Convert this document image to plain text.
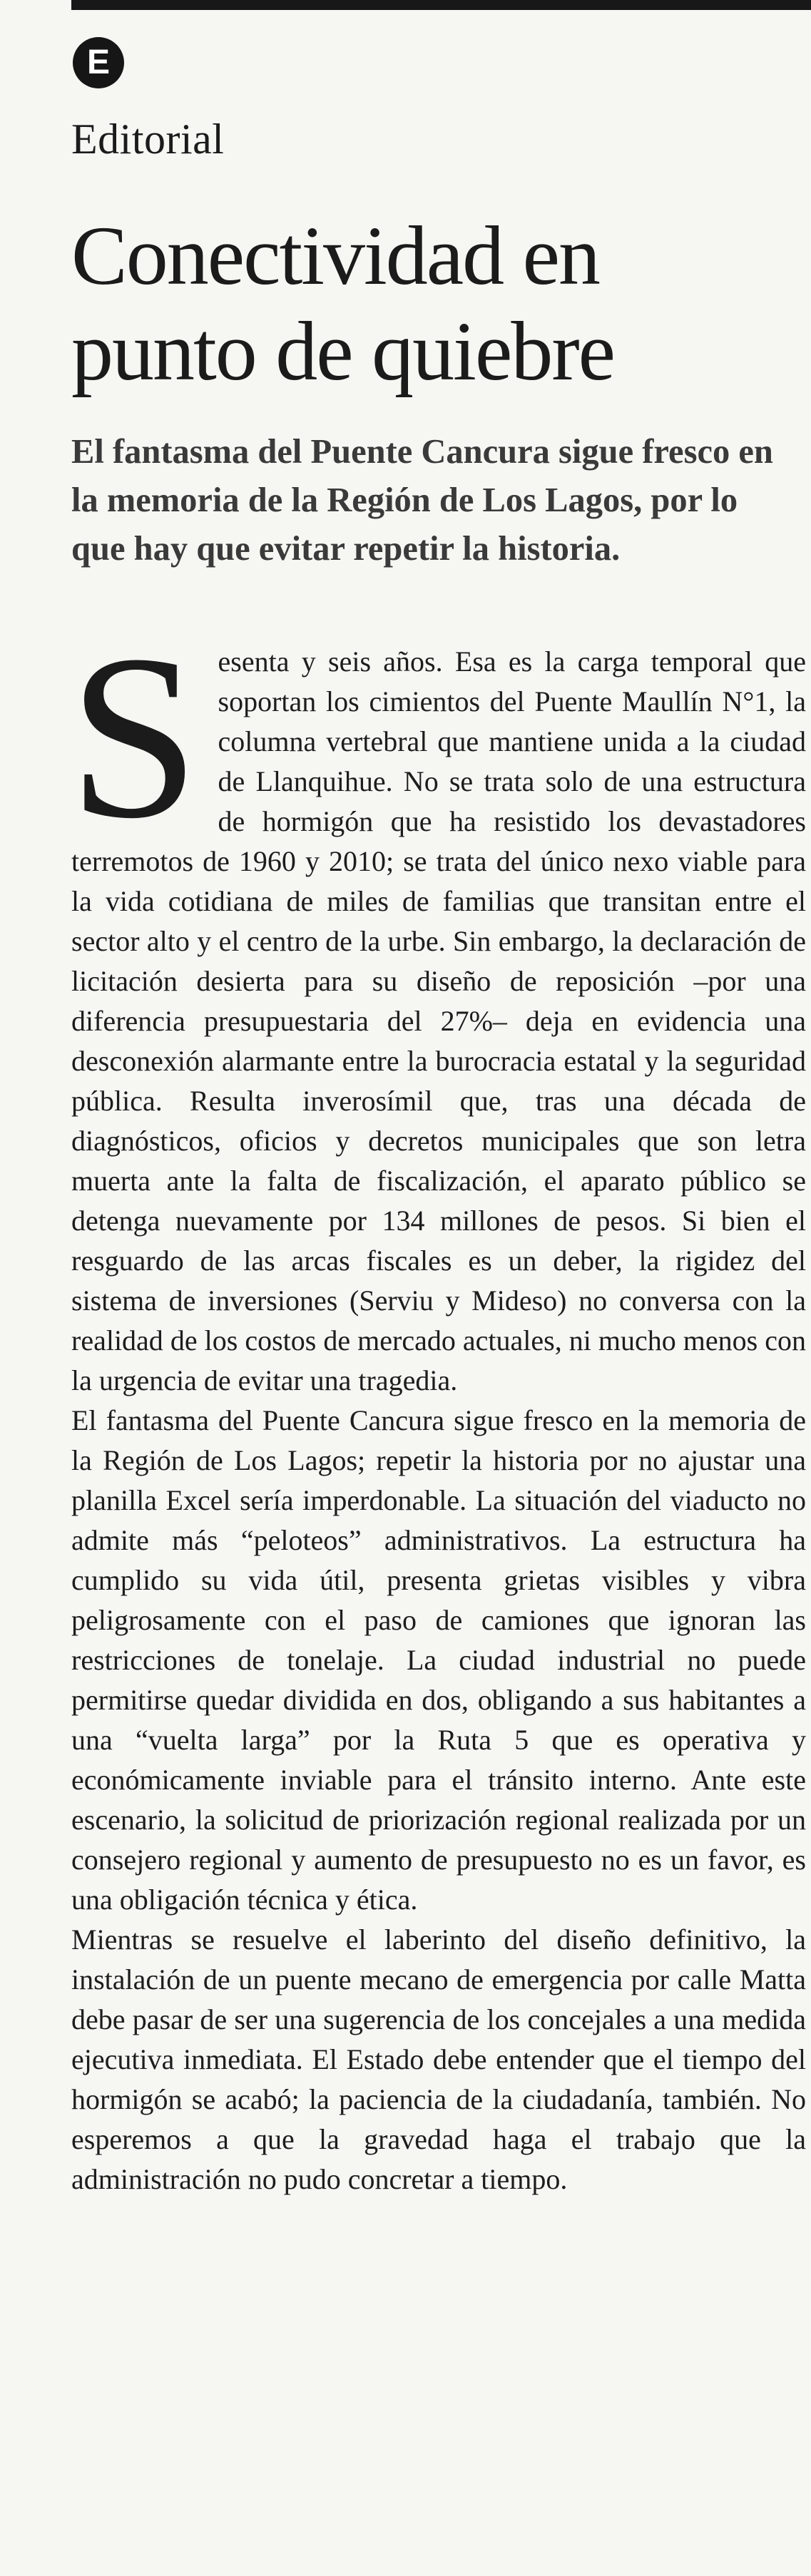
E
Editorial
Conectividad en
punto de quiebre

El fantasma del Puente Cancura sigue fresco en la memoria de la Región de Los Lagos, por lo que hay que evitar repetir la historia.

S esenta y seis años. Esa es la carga temporal que soportan los cimientos del Puente Maullín N°1, la columna vertebral que mantiene unida a la ciudad de Llanquihue. No se trata solo de una estructura de hormigón que ha resistido los devastadores terremotos de 1960 y 2010; se trata del único nexo viable para la vida cotidiana de miles de familias que transitan entre el sector alto y el centro de la urbe. Sin embargo, la declaración de licitación desierta para su diseño de reposición –por una diferencia presupuestaria del 27%– deja en evidencia una desconexión alarmante entre la burocracia estatal y la seguridad pública. Resulta inverosímil que, tras una década de diagnósticos, oficios y decretos municipales que son letra muerta ante la falta de fiscalización, el aparato público se detenga nuevamente por 134 millones de pesos. Si bien el resguardo de las arcas fiscales es un deber, la rigidez del sistema de inversiones (Serviu y Mideso) no conversa con la realidad de los costos de mercado actuales, ni mucho menos con la urgencia de evitar una tragedia.
El fantasma del Puente Cancura sigue fresco en la memoria de la Región de Los Lagos; repetir la historia por no ajustar una planilla Excel sería imperdonable. La situación del viaducto no admite más “peloteos” administrativos. La estructura ha cumplido su vida útil, presenta grietas visibles y vibra peligrosamente con el paso de camiones que ignoran las restricciones de tonelaje. La ciudad industrial no puede permitirse quedar dividida en dos, obligando a sus habitantes a una “vuelta larga” por la Ruta 5 que es operativa y económicamente inviable para el tránsito interno. Ante este escenario, la solicitud de priorización regional realizada por un consejero regional y aumento de presupuesto no es un favor, es una obligación técnica y ética.
Mientras se resuelve el laberinto del diseño definitivo, la instalación de un puente mecano de emergencia por calle Matta debe pasar de ser una sugerencia de los concejales a una medida ejecutiva inmediata. El Estado debe entender que el tiempo del hormigón se acabó; la paciencia de la ciudadanía, también. No esperemos a que la gravedad haga el trabajo que la administración no pudo concretar a tiempo.
